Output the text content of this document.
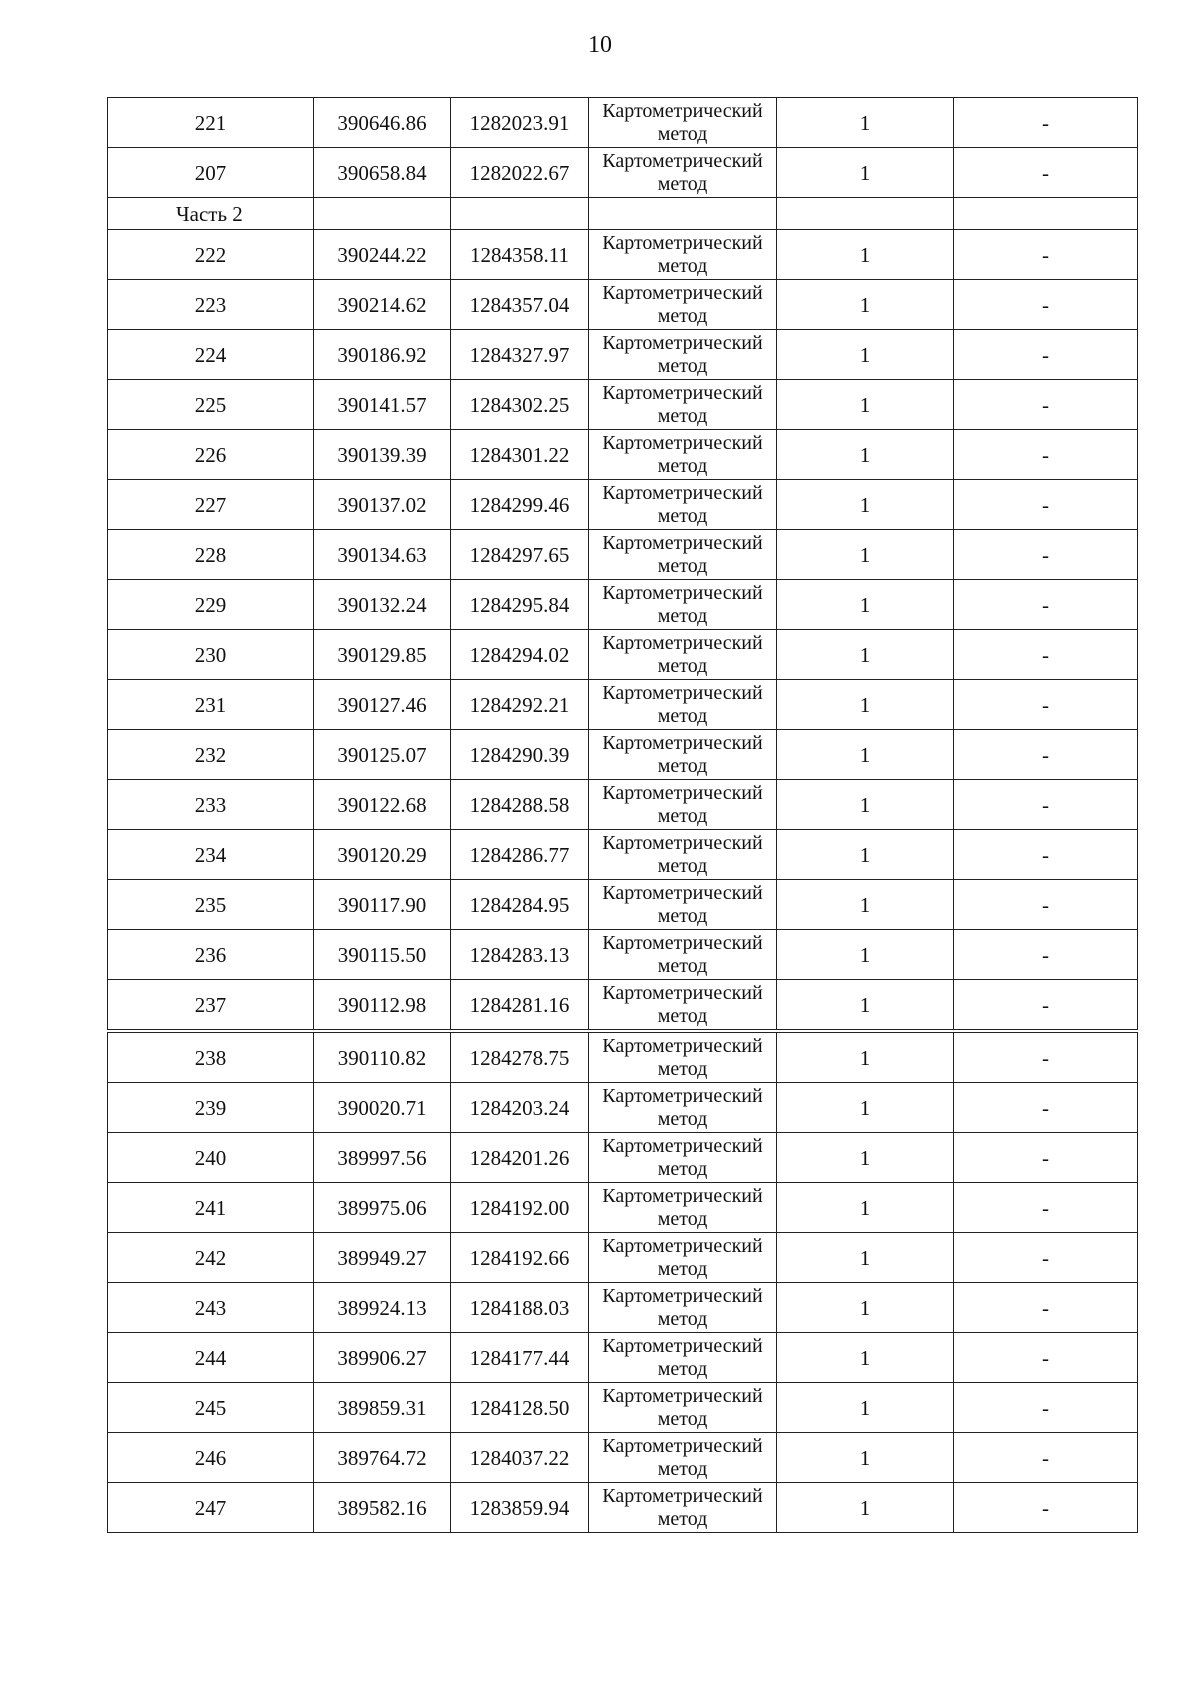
10
221	390646.86	1282023.91	Картометрический метод	1	-
207	390658.84	1282022.67	Картометрический метод	1	-
Часть 2					
222	390244.22	1284358.11	Картометрический метод	1	-
223	390214.62	1284357.04	Картометрический метод	1	-
224	390186.92	1284327.97	Картометрический метод	1	-
225	390141.57	1284302.25	Картометрический метод	1	-
226	390139.39	1284301.22	Картометрический метод	1	-
227	390137.02	1284299.46	Картометрический метод	1	-
228	390134.63	1284297.65	Картометрический метод	1	-
229	390132.24	1284295.84	Картометрический метод	1	-
230	390129.85	1284294.02	Картометрический метод	1	-
231	390127.46	1284292.21	Картометрический метод	1	-
232	390125.07	1284290.39	Картометрический метод	1	-
233	390122.68	1284288.58	Картометрический метод	1	-
234	390120.29	1284286.77	Картометрический метод	1	-
235	390117.90	1284284.95	Картометрический метод	1	-
236	390115.50	1284283.13	Картометрический метод	1	-
237	390112.98	1284281.16	Картометрический метод	1	-
238	390110.82	1284278.75	Картометрический метод	1	-
239	390020.71	1284203.24	Картометрический метод	1	-
240	389997.56	1284201.26	Картометрический метод	1	-
241	389975.06	1284192.00	Картометрический метод	1	-
242	389949.27	1284192.66	Картометрический метод	1	-
243	389924.13	1284188.03	Картометрический метод	1	-
244	389906.27	1284177.44	Картометрический метод	1	-
245	389859.31	1284128.50	Картометрический метод	1	-
246	389764.72	1284037.22	Картометрический метод	1	-
247	389582.16	1283859.94	Картометрический метод	1	-
